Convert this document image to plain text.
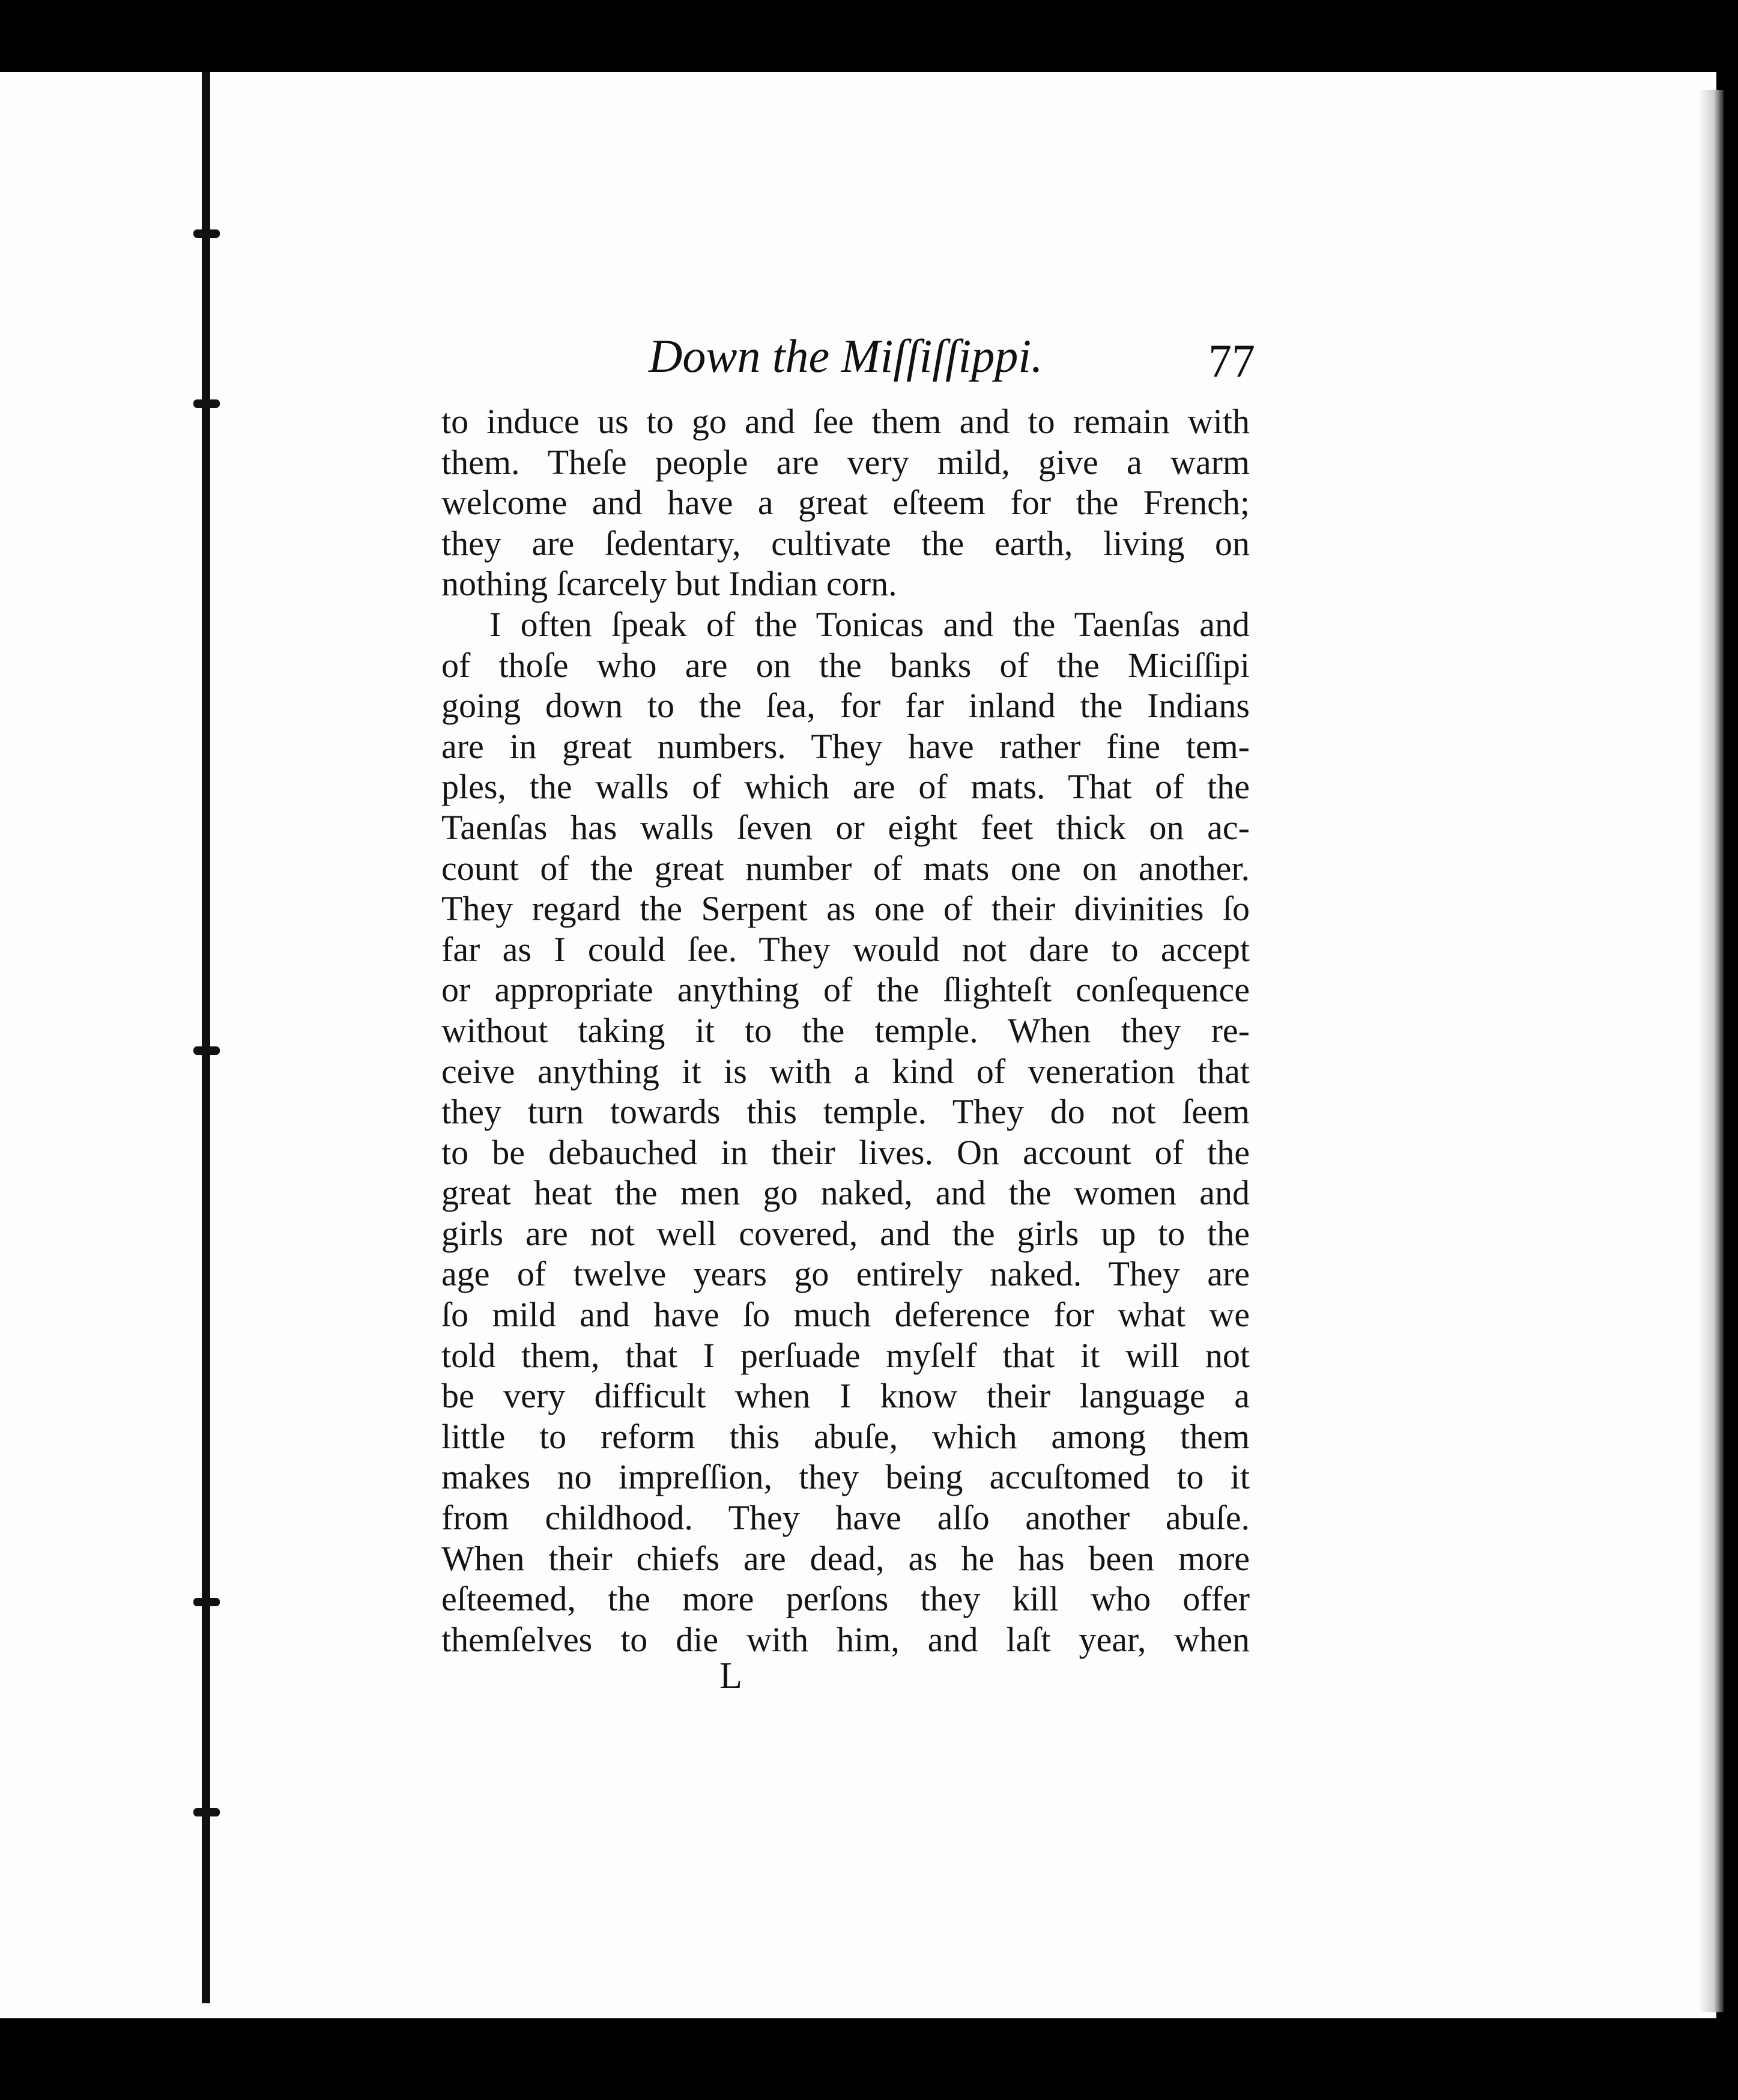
Down the Miſſiſſippi.	77
to induce us to go and ſee them and to remain with
them. Theſe people are very mild, give a warm
welcome and have a great eſteem for the French;
they are ſedentary, cultivate the earth, living on
nothing ſcarcely but Indian corn.
I often ſpeak of the Tonicas and the Taenſas and
of thoſe who are on the banks of the Miciſſipi
going down to the ſea, for far inland the Indians
are in great numbers. They have rather fine tem-
ples, the walls of which are of mats. That of the
Taenſas has walls ſeven or eight feet thick on ac-
count of the great number of mats one on another.
They regard the Serpent as one of their divinities ſo
far as I could ſee. They would not dare to accept
or appropriate anything of the ſlighteſt conſequence
without taking it to the temple. When they re-
ceive anything it is with a kind of veneration that
they turn towards this temple. They do not ſeem
to be debauched in their lives. On account of the
great heat the men go naked, and the women and
girls are not well covered, and the girls up to the
age of twelve years go entirely naked. They are
ſo mild and have ſo much deference for what we
told them, that I perſuade myſelf that it will not
be very difficult when I know their language a
little to reform this abuſe, which among them
makes no impreſſion, they being accuſtomed to it
from childhood. They have alſo another abuſe.
When their chiefs are dead, as he has been more
eſteemed, the more perſons they kill who offer
themſelves to die with him, and laſt year, when
L
